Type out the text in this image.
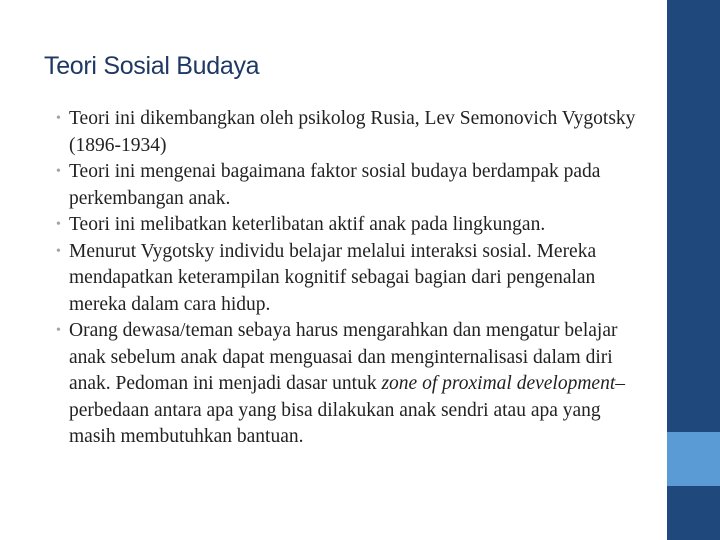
Teori Sosial Budaya
• Teori ini dikembangkan oleh psikolog Rusia, Lev Semonovich Vygotsky (1896-1934)
• Teori ini mengenai bagaimana faktor sosial budaya berdampak pada perkembangan anak.
• Teori ini melibatkan keterlibatan aktif anak pada lingkungan.
• Menurut Vygotsky individu belajar melalui interaksi sosial. Mereka mendapatkan keterampilan kognitif sebagai bagian dari pengenalan mereka dalam cara hidup.
• Orang dewasa/teman sebaya harus mengarahkan dan mengatur belajar anak sebelum anak dapat menguasai dan menginternalisasi dalam diri anak. Pedoman ini menjadi dasar untuk zone of proximal development–perbedaan antara apa yang bisa dilakukan anak sendri atau apa yang masih membutuhkan bantuan.
